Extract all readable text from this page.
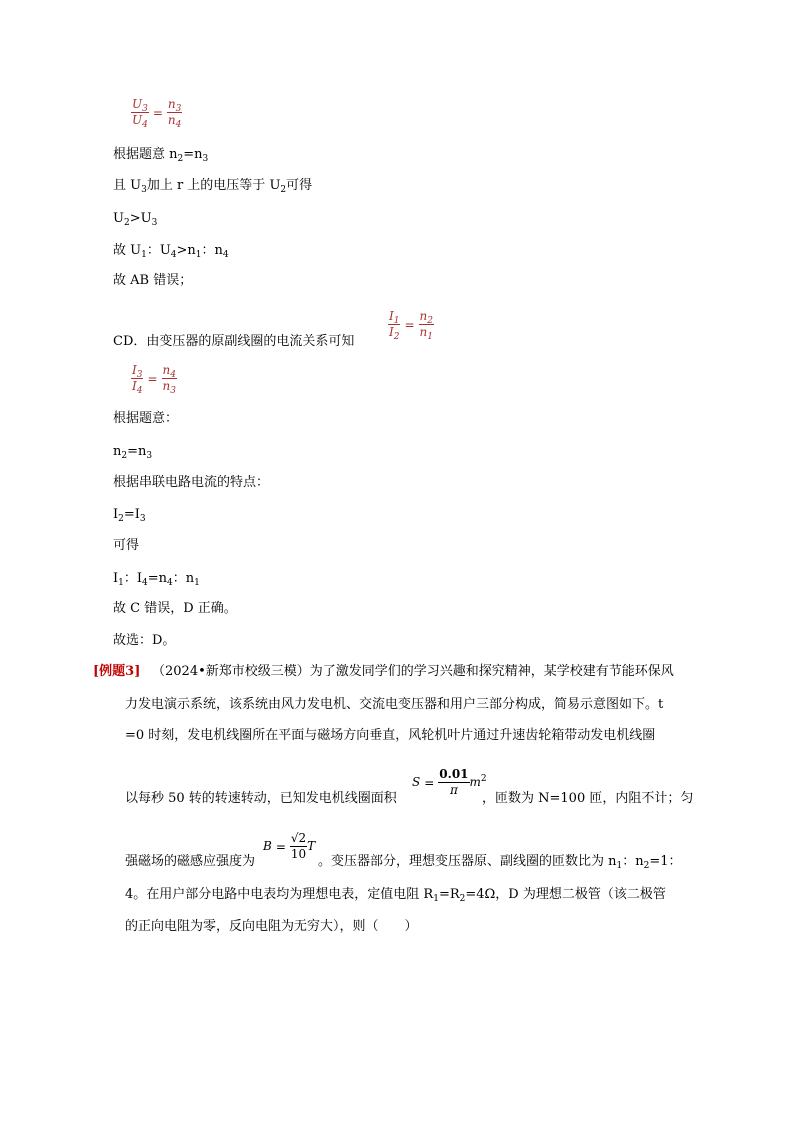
$\frac{U_3}{U_4} = \frac{n_3}{n_4}$
根据题意 $n_2=n_3$
且 $U_3$加上 r 上的电压等于 $U_2$可得
$U_2>U_3$
故 $U_1$：$U_4>n_1$：$n_4$
故 AB 错误；
CD．由变压器的原副线圈的电流关系可知
$\frac{I_1}{I_2} = \frac{n_2}{n_1}$
$\frac{I_3}{I_4} = \frac{n_4}{n_3}$
根据题意：
$n_2=n_3$
根据串联电路电流的特点：
$I_2=I_3$
可得
$I_1$：$I_4=n_4$：$n_1$
故 C 错误，D 正确。
故选：D。
[例题3] （2024•新郑市校级三模）为了激发同学们的学习兴趣和探究精神，某学校建有节能环保风
力发电演示系统，该系统由风力发电机、交流电变压器和用户三部分构成，简易示意图如下。t
=0 时刻，发电机线圈所在平面与磁场方向垂直，风轮机叶片通过升速齿轮箱带动发电机线圈
以每秒 50 转的转速转动，已知发电机线圈面积
$S = \frac{0.01}{\pi} m^2$
，匝数为 N=100 匝，内阻不计；匀
强磁场的磁感应强度为
$B = \frac{√2}{10}$ T
。变压器部分，理想变压器原、副线圈的匝数比为 $n_1$：$n_2=1$：
4。在用户部分电路中电表均为理想电表，定值电阻 $R_1=R_2=4\Omega$，D 为理想二极管（该二极管
的正向电阻为零，反向电阻为无穷大），则（　　）
